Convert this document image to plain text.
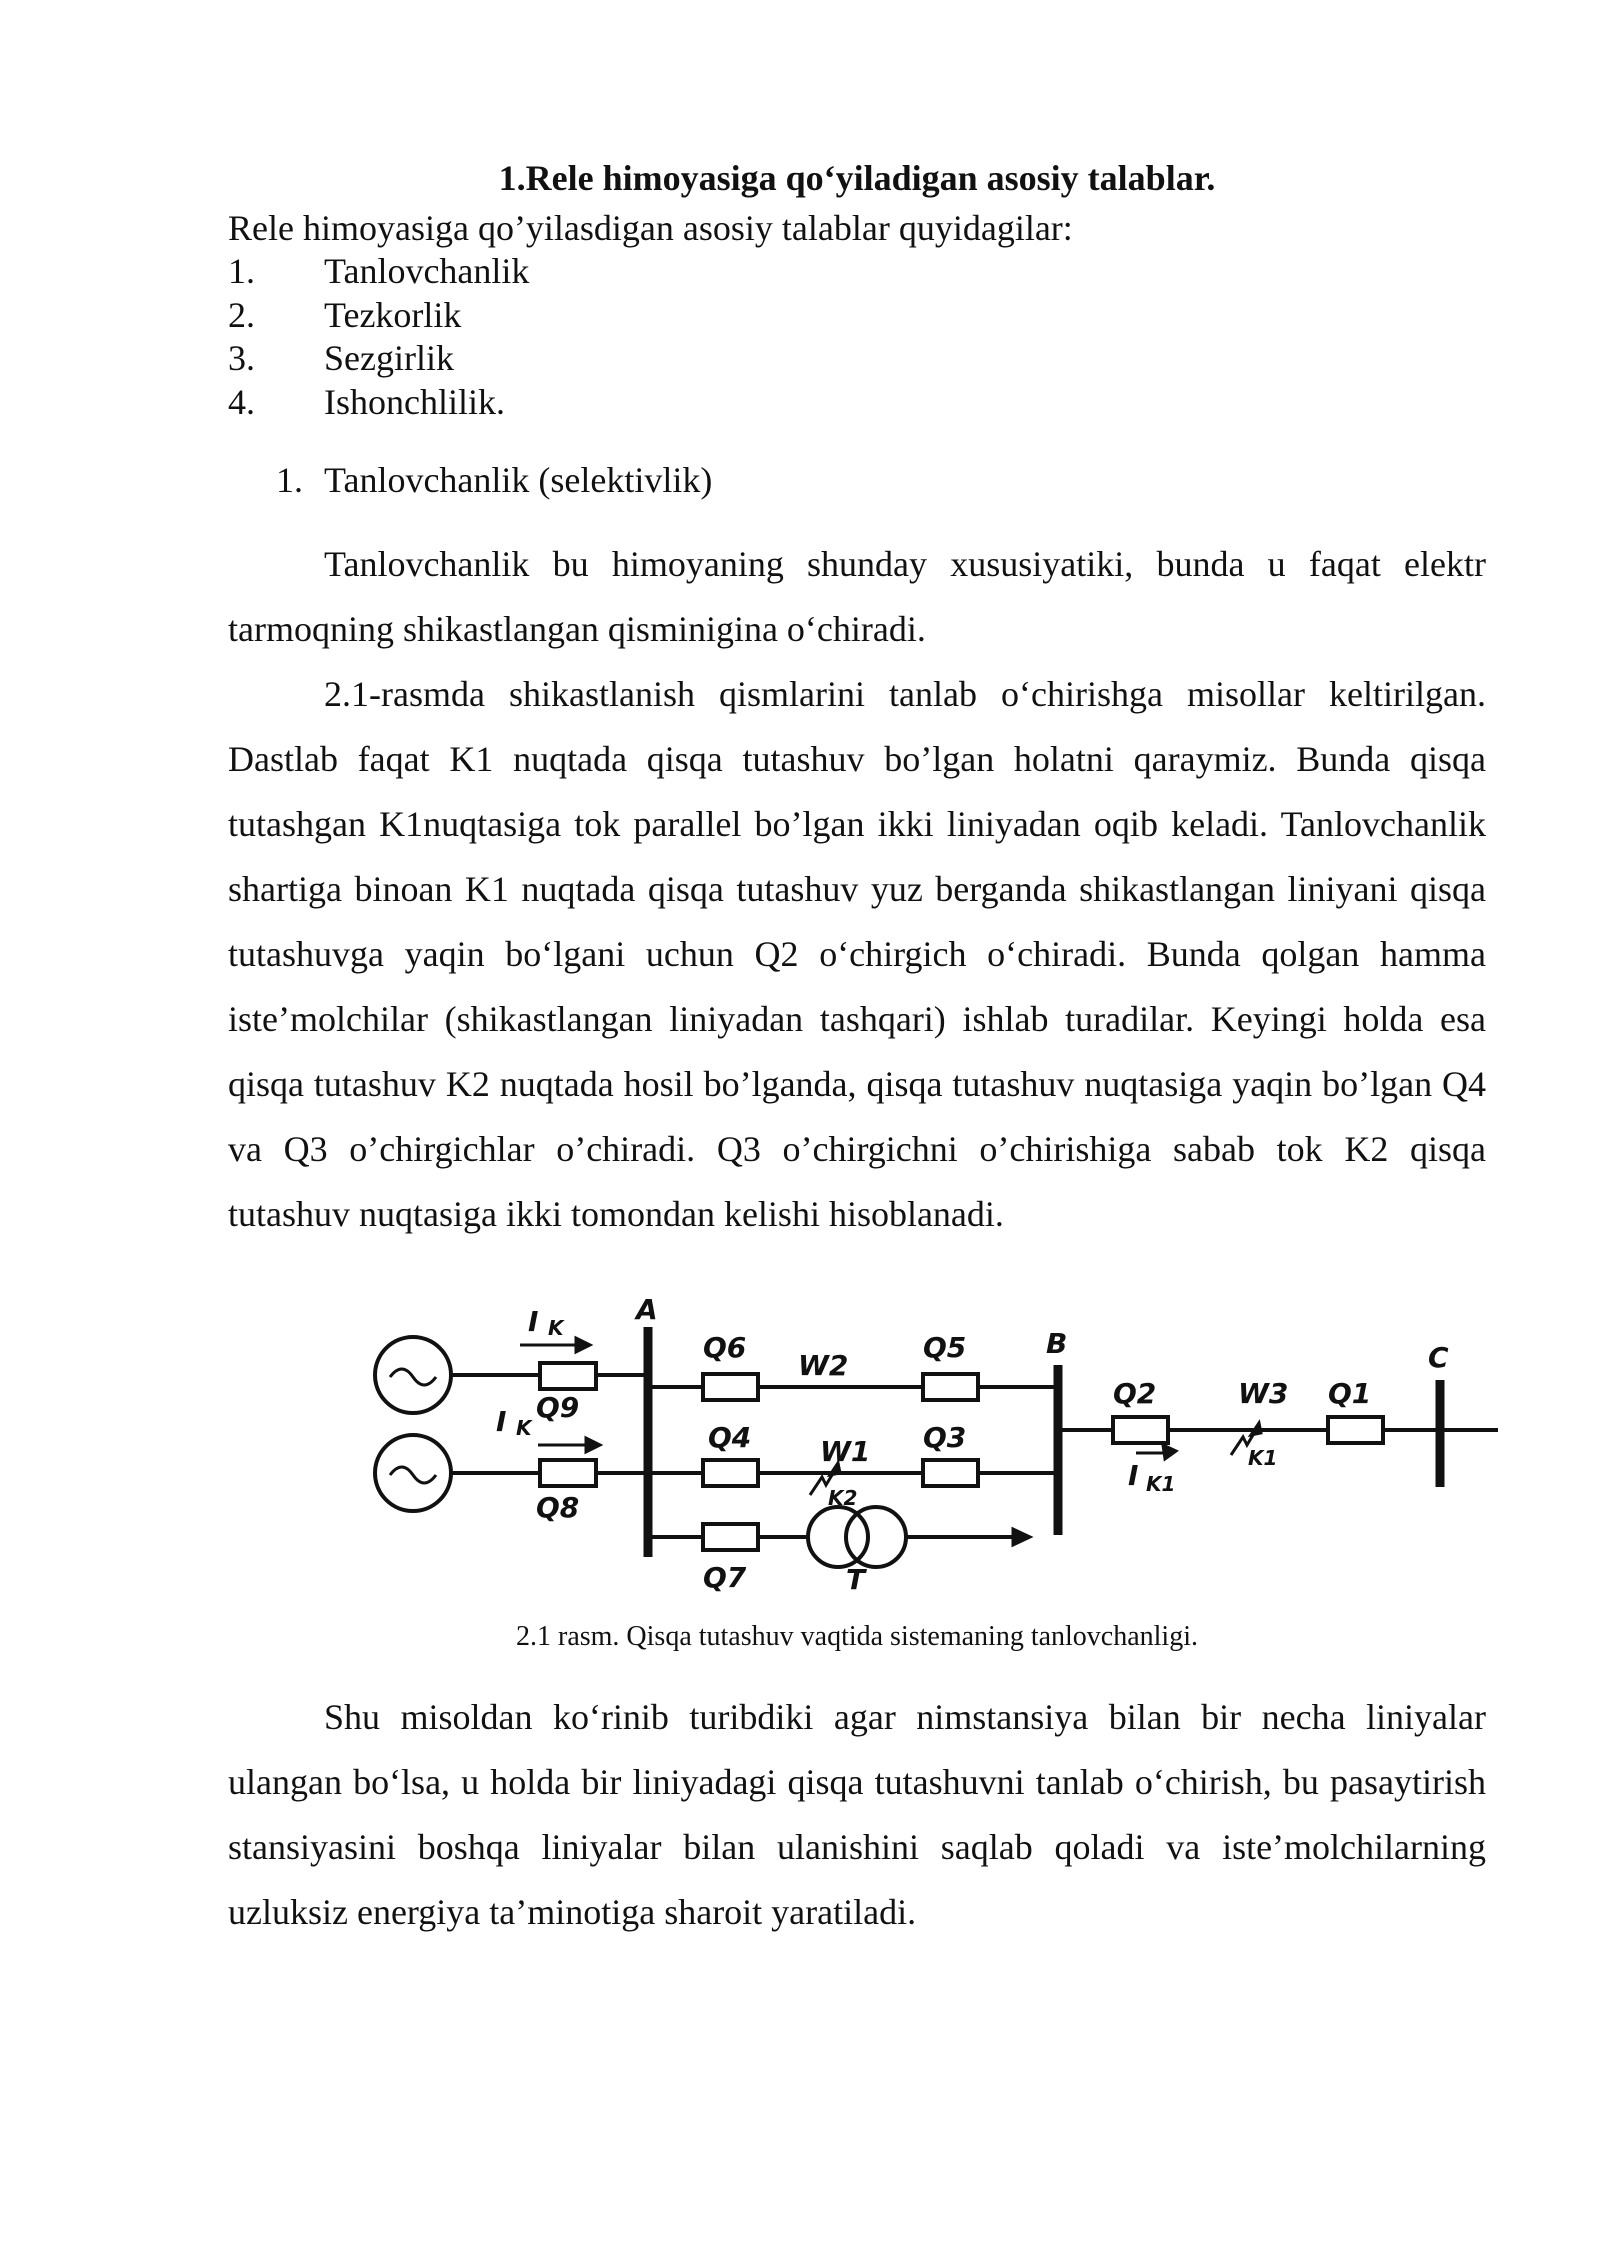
1.Rele himoyasiga qo‘yiladigan asosiy talablar.

Rele himoyasiga qo’yilasdigan asosiy talablar quyidagilar:

1.	Tanlovchanlik
2.	Tezkorlik
3.	Sezgirlik
4.	Ishonchlilik.
1. Tanlovchanlik (selektivlik)

Tanlovchanlik bu himoyaning shunday xususiyatiki, bunda u faqat elektr tarmoqning shikastlangan qisminigina o‘chiradi.

2.1-rasmda shikastlanish qismlarini tanlab o‘chirishga misollar keltirilgan. Dastlab faqat K1 nuqtada qisqa tutashuv bo’lgan holatni qaraymiz. Bunda qisqa tutashgan K1nuqtasiga tok parallel bo’lgan ikki liniyadan oqib keladi. Tanlovchanlik shartiga binoan K1 nuqtada qisqa tutashuv yuz berganda shikastlangan liniyani qisqa tutashuvga yaqin bo‘lgani uchun Q2 o‘chirgich o‘chiradi. Bunda qolgan hamma iste’molchilar (shikastlangan liniyadan tashqari) ishlab turadilar. Keyingi holda esa qisqa tutashuv K2 nuqtada hosil bo’lganda, qisqa tutashuv nuqtasiga yaqin bo’lgan Q4 va Q3 o’chirgichlar o’chiradi. Q3 o’chirgichni o’chirishiga sabab tok K2 qisqa tutashuv nuqtasiga ikki tomondan kelishi hisoblanadi.

A
B	C
I K
I K
I K1
Q9
Q8
Q6	Q5
Q4	Q3
Q7
Q2	Q1
W2
W1
W3
K2
K1
T

2.1 rasm. Qisqa tutashuv vaqtida sistemaning tanlovchanligi.

Shu misoldan ko‘rinib turibdiki agar nimstansiya bilan bir necha liniyalar ulangan bo‘lsa, u holda bir liniyadagi qisqa tutashuvni tanlab o‘chirish, bu pasaytirish stansiyasini boshqa liniyalar bilan ulanishini saqlab qoladi va iste’molchilarning uzluksiz energiya ta’minotiga sharoit yaratiladi.
